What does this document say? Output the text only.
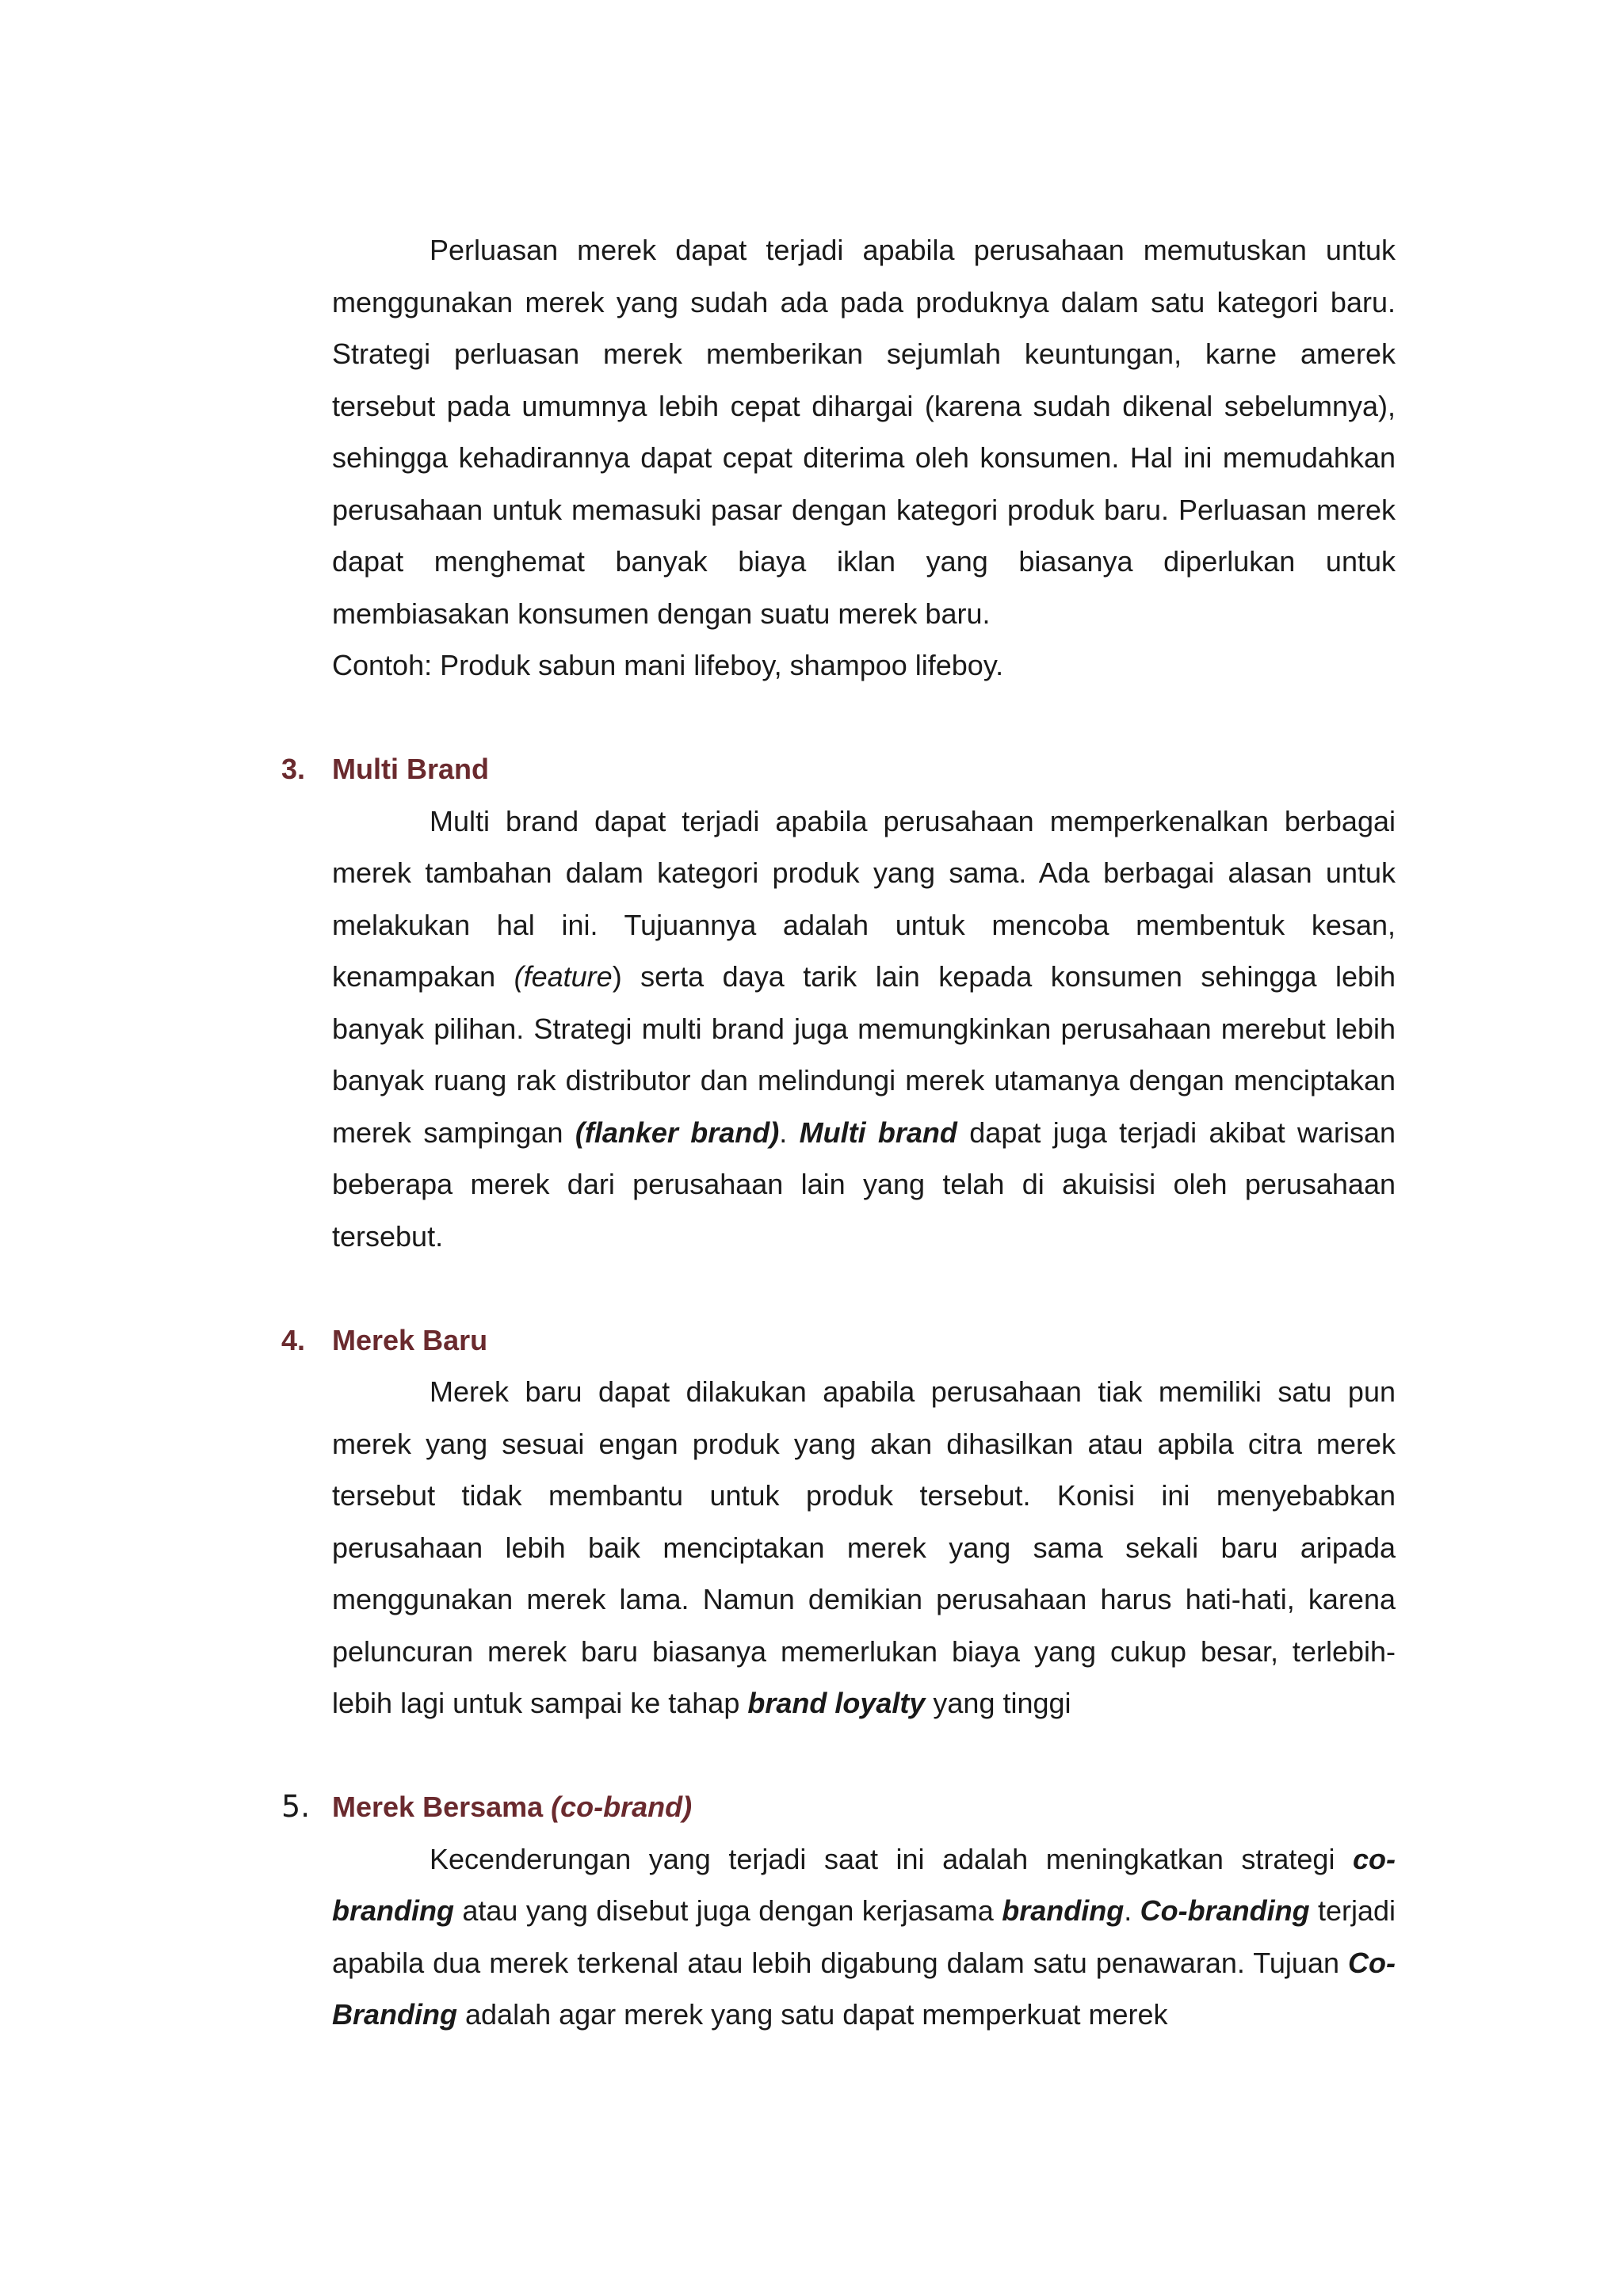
Perluasan merek dapat terjadi apabila perusahaan memutuskan untuk menggunakan merek yang sudah ada pada produknya dalam satu kategori baru. Strategi perluasan merek memberikan sejumlah keuntungan, karne amerek tersebut pada umumnya lebih cepat dihargai (karena sudah dikenal sebelumnya), sehingga kehadirannya dapat cepat diterima oleh konsumen. Hal ini memudahkan perusahaan untuk memasuki pasar dengan kategori produk baru. Perluasan merek dapat menghemat banyak biaya iklan yang biasanya diperlukan untuk membiasakan konsumen dengan suatu merek baru.

Contoh: Produk sabun mani lifeboy, shampoo lifeboy.

3. Multi Brand

Multi brand dapat terjadi apabila perusahaan memperkenalkan berbagai merek tambahan dalam kategori produk yang sama. Ada berbagai alasan untuk melakukan hal ini. Tujuannya adalah untuk mencoba membentuk kesan, kenampakan (feature) serta daya tarik lain kepada konsumen sehingga lebih banyak pilihan. Strategi multi brand juga memungkinkan perusahaan merebut lebih banyak ruang rak distributor dan melindungi merek utamanya dengan menciptakan merek sampingan (flanker brand). Multi brand dapat juga terjadi akibat warisan beberapa merek dari perusahaan lain yang telah di akuisisi oleh perusahaan tersebut.

4. Merek Baru

Merek baru dapat dilakukan apabila perusahaan tiak memiliki satu pun merek yang sesuai engan produk yang akan dihasilkan atau apbila citra merek tersebut tidak membantu untuk produk tersebut. Konisi ini menyebabkan perusahaan lebih baik menciptakan merek yang sama sekali baru aripada menggunakan merek lama. Namun demikian perusahaan harus hati-hati, karena peluncuran merek baru biasanya memerlukan biaya yang cukup besar, terlebih-lebih lagi untuk sampai ke tahap brand loyalty yang tinggi

5. Merek Bersama (co-brand)

Kecenderungan yang terjadi saat ini adalah meningkatkan strategi co-branding atau yang disebut juga dengan kerjasama branding. Co-branding terjadi apabila dua merek terkenal atau lebih digabung dalam satu penawaran. Tujuan Co-Branding adalah agar merek yang satu dapat memperkuat merek
